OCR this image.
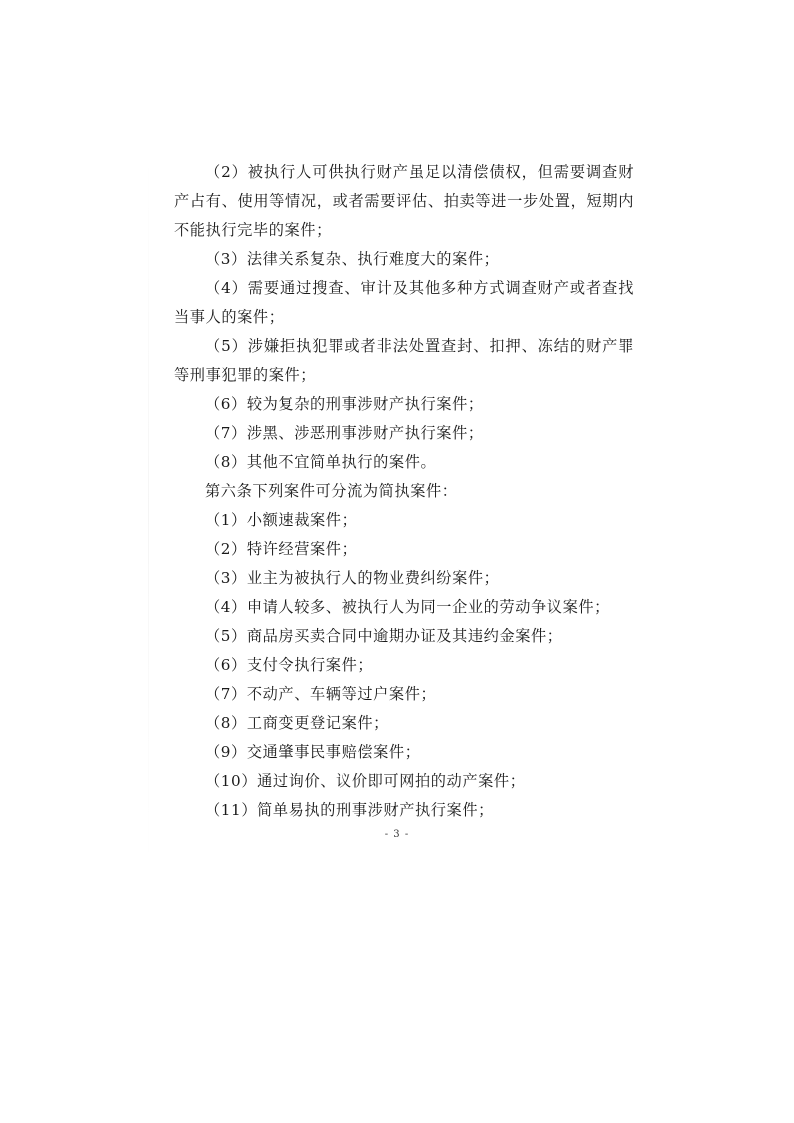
（2）被执行人可供执行财产虽足以清偿债权，但需要调查财产占有、使用等情况，或者需要评估、拍卖等进一步处置，短期内不能执行完毕的案件；

（3）法律关系复杂、执行难度大的案件；

（4）需要通过搜查、审计及其他多种方式调查财产或者查找当事人的案件；

（5）涉嫌拒执犯罪或者非法处置查封、扣押、冻结的财产罪等刑事犯罪的案件；

（6）较为复杂的刑事涉财产执行案件；

（7）涉黑、涉恶刑事涉财产执行案件；

（8）其他不宜简单执行的案件。

第六条下列案件可分流为简执案件：

（1）小额速裁案件；

（2）特许经营案件；

（3）业主为被执行人的物业费纠纷案件；

（4）申请人较多、被执行人为同一企业的劳动争议案件；

（5）商品房买卖合同中逾期办证及其违约金案件；

（6）支付令执行案件；

（7）不动产、车辆等过户案件；

（8）工商变更登记案件；

（9）交通肇事民事赔偿案件；

（10）通过询价、议价即可网拍的动产案件；

（11）简单易执的刑事涉财产执行案件；

- 3 -
